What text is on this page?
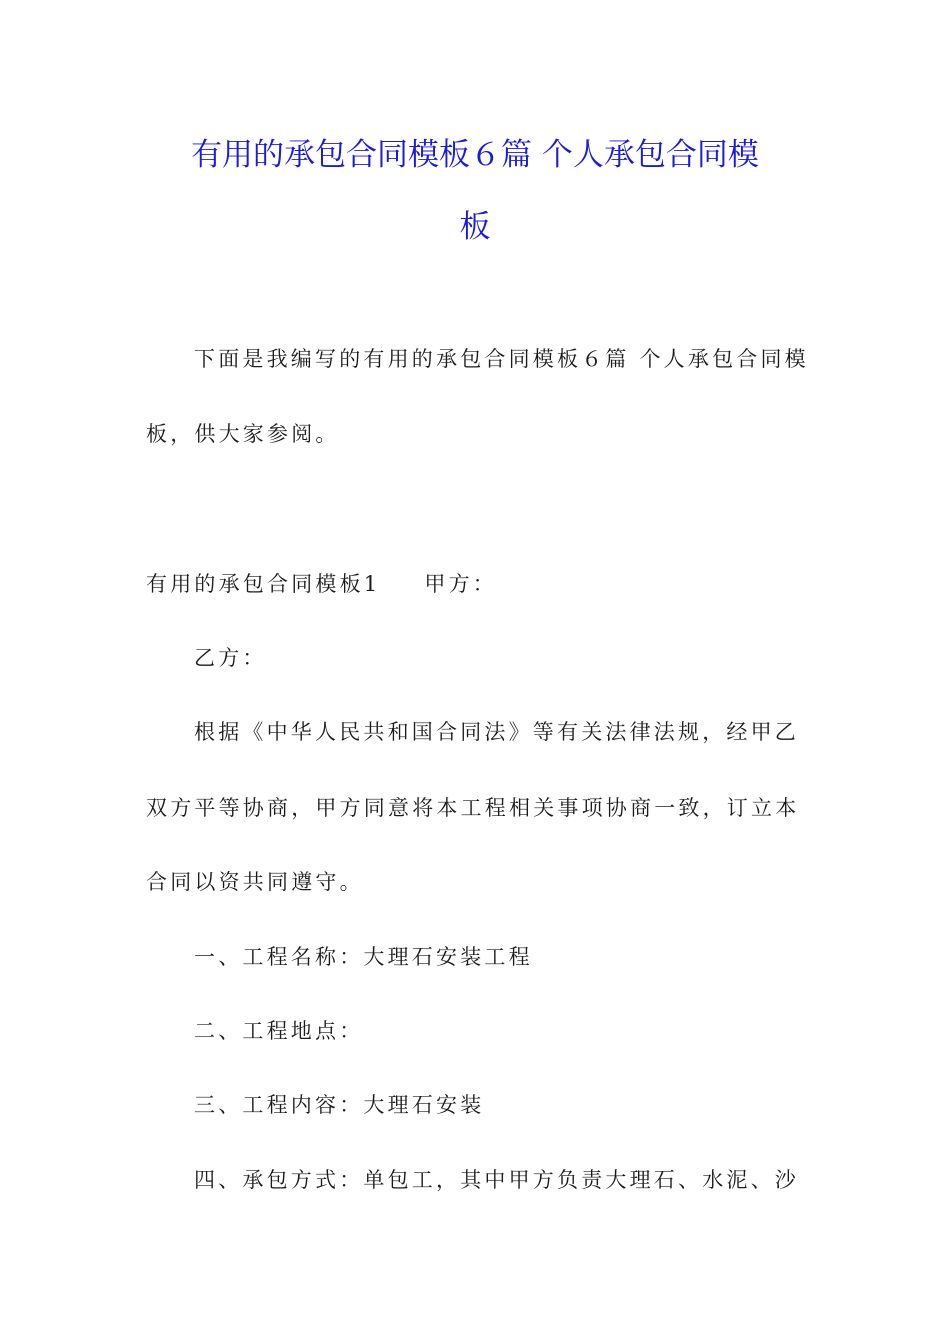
有用的承包合同模板６篇 个人承包合同模
板
下面是我编写的有用的承包合同模板６篇 个人承包合同模
板，供大家参阅。
有用的承包合同模板1 甲方：
乙方：
根据《中华人民共和国合同法》等有关法律法规，经甲乙
双方平等协商，甲方同意将本工程相关事项协商一致，订立本
合同以资共同遵守。
一、工程名称：大理石安装工程
二、工程地点：
三、工程内容：大理石安装
四、承包方式：单包工，其中甲方负责大理石、水泥、沙
